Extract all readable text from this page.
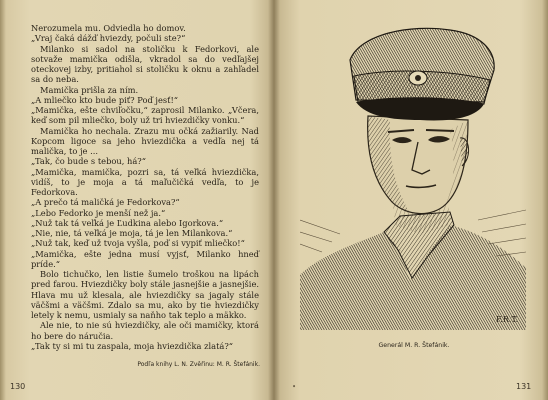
Nerozumela mu. Odviedla ho domov.

„Vraj čaká dážď hviezdy, počuli ste?“

Milanko si sadol na stoličku k Fedorkovi, ale sotvaže mamička odišla, vkradol sa do vedľajšej oteckovej izby, pritiahol si stoličku k oknu a zahľadel sa do neba.

Mamička prišla za ním.

„A mliečko kto bude piť? Poď jesť!“

„Mamička, ešte chviľočku,“ zaprosil Milanko. „Včera, keď som pil mliečko, boly už tri hviezdičky vonku.“

Mamička ho nechala. Zrazu mu očká zažiarily. Nad Kopcom ligoce sa jeho hviezdička a vedľa nej tá malička, to je ...

„Tak, čo bude s tebou, há?“

„Mamička, mamička, pozri sa, tá veľká hviezdička, vidíš, to je moja a tá maľučičká vedľa, to je Fedorkova.

„A prečo tá maličká je Fedorkova?“

„Lebo Fedorko je menší než ja.“

„Nuž tak tá veľká je Ľudkina alebo Igorkova.“

„Nie, nie, tá veľká je moja, tá je len Milankova.“

„Nuž tak, keď už tvoja vyšla, poď si vypiť mliečko!“

„Mamička, ešte jedna musí vyjsť, Milanko hneď príde.“

Bolo tichučko, len listie šumelo troškou na lipách pred farou. Hviezdičky boly stále jasnejšie a jasnejšie. Hlava mu už klesala, ale hviezdičky sa jagaly stále väčšmi a väčšmi. Zdalo sa mu, ako by tie hviezdičky letely k nemu, usmialy sa naňho tak teplo a mäkko.

Ale nie, to nie sú hviezdičky, ale oči mamičky, ktorá ho bere do náručia.

„Tak ty si mi tu zaspala, moja hviezdička zlatá?“

Podľa knihy L. N. Zvěřinu: M. R. Štefánik.
130
F.R.T.
Generál M. R. Štefánik.
•	131
